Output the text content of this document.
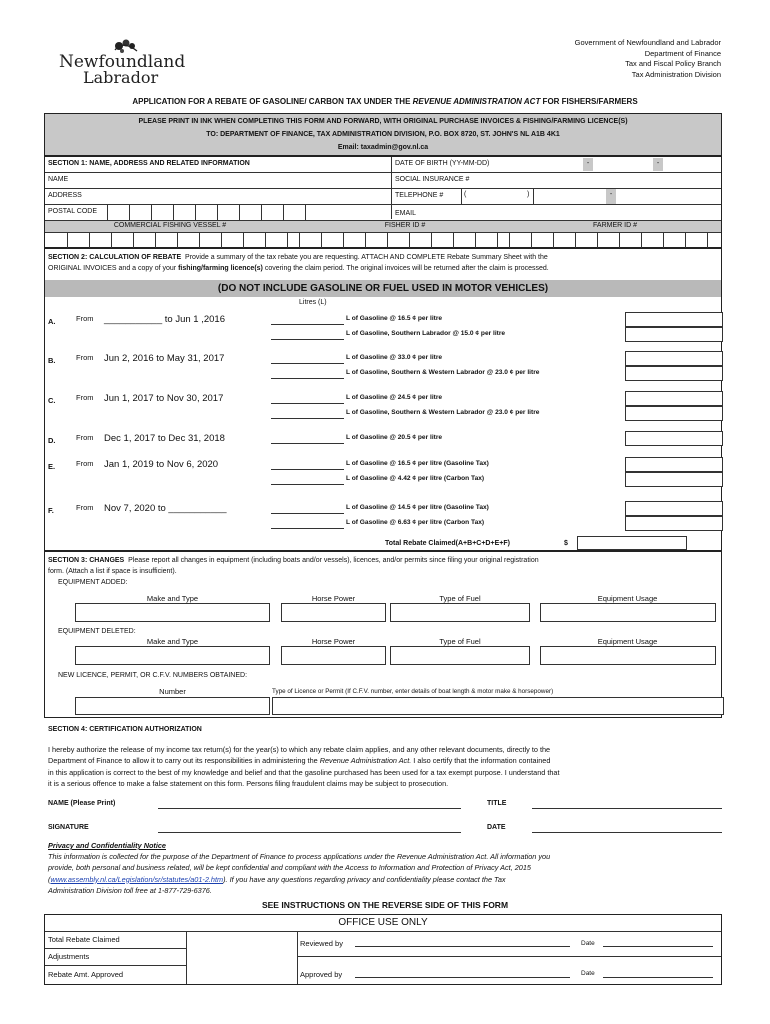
Newfoundland
Labrador
Government of Newfoundland and Labrador
Department of Finance
Tax and Fiscal Policy Branch
Tax Administration Division
APPLICATION FOR A REBATE OF GASOLINE/ CARBON TAX UNDER THE REVENUE ADMINISTRATION ACT FOR FISHERS/FARMERS
PLEASE PRINT IN INK WHEN COMPLETING THIS FORM AND FORWARD, WITH ORIGINAL PURCHASE INVOICES & FISHING/FARMING LICENCE(S)
TO: DEPARTMENT OF FINANCE, TAX ADMINISTRATION DIVISION, P.O. BOX 8720, ST. JOHN'S NL A1B 4K1
Email: taxadmin@gov.nl.ca
SECTION 1: NAME, ADDRESS AND RELATED INFORMATION	DATE OF BIRTH (YY-MM-DD)	-	-
NAME	SOCIAL INSURANCE #
ADDRESS	TELEPHONE #	(	)	-
POSTAL CODE	EMAIL
COMMERCIAL FISHING VESSEL #	FISHER ID #	FARMER ID #
SECTION 2: CALCULATION OF REBATE Provide a summary of the tax rebate you are requesting. ATTACH AND COMPLETE Rebate Summary Sheet with the
ORIGINAL INVOICES and a copy of your fishing/farming licence(s) covering the claim period. The original invoices will be returned after the claim is processed.
(DO NOT INCLUDE GASOLINE OR FUEL USED IN MOTOR VEHICLES)
Litres (L)
A.	From ___________ to Jun 1 ,2016	L of Gasoline @ 16.5 ¢ per litre
L of Gasoline, Southern Labrador @ 15.0 ¢ per litre
B.	From Jun 2, 2016 to May 31, 2017	L of Gasoline @ 33.0 ¢ per litre
L of Gasoline, Southern & Western Labrador @ 23.0 ¢ per litre
C.	From Jun 1, 2017 to Nov 30, 2017	L of Gasoline @ 24.5 ¢ per litre
L of Gasoline, Southern & Western Labrador @ 23.0 ¢ per litre
D.	From Dec 1, 2017 to Dec 31, 2018	L of Gasoline @ 20.5 ¢ per litre
E.	From Jan 1, 2019 to Nov 6, 2020	L of Gasoline @ 16.5 ¢ per litre (Gasoline Tax)
L of Gasoline @ 4.42 ¢ per litre (Carbon Tax)
F.	From Nov 7, 2020 to ___________	L of Gasoline @ 14.5 ¢ per litre (Gasoline Tax)
L of Gasoline @ 6.63 ¢ per litre (Carbon Tax)
Total Rebate Claimed(A+B+C+D+E+F)	$
SECTION 3: CHANGES Please report all changes in equipment (including boats and/or vessels), licences, and/or permits since filing your original registration
form. (Attach a list if space is insufficient).
EQUIPMENT ADDED:
Make and Type	Horse Power	Type of Fuel	Equipment Usage
EQUIPMENT DELETED:
Make and Type	Horse Power	Type of Fuel	Equipment Usage
NEW LICENCE, PERMIT, OR C.F.V. NUMBERS OBTAINED:
Number	Type of Licence or Permit (If C.F.V. number, enter details of boat length & motor make & horsepower)
SECTION 4: CERTIFICATION AUTHORIZATION
I hereby authorize the release of my income tax return(s) for the year(s) to which any rebate claim applies, and any other relevant documents, directly to the
Department of Finance to allow it to carry out its responsibilities in administering the Revenue Administration Act. I also certify that the information contained
in this application is correct to the best of my knowledge and belief and that the gasoline purchased has been used for a tax exempt purpose. I understand that
it is a serious offence to make a false statement on this form. Persons filing fraudulent claims may be subject to prosecution.
NAME (Please Print)	TITLE
SIGNATURE	DATE
Privacy and Confidentiality Notice
This information is collected for the purpose of the Department of Finance to process applications under the Revenue Administration Act. All information you
provide, both personal and business related, will be kept confidential and compliant with the Access to Information and Protection of Privacy Act, 2015
(www.assembly.nl.ca/Legislation/sr/statutes/a01-2.htm). If you have any questions regarding privacy and confidentiality please contact the Tax
Administration Division toll free at 1-877-729-6376.
SEE INSTRUCTIONS ON THE REVERSE SIDE OF THIS FORM
OFFICE USE ONLY
Total Rebate Claimed
Adjustments
Rebate Amt. Approved
Reviewed by	Date
Approved by	Date
